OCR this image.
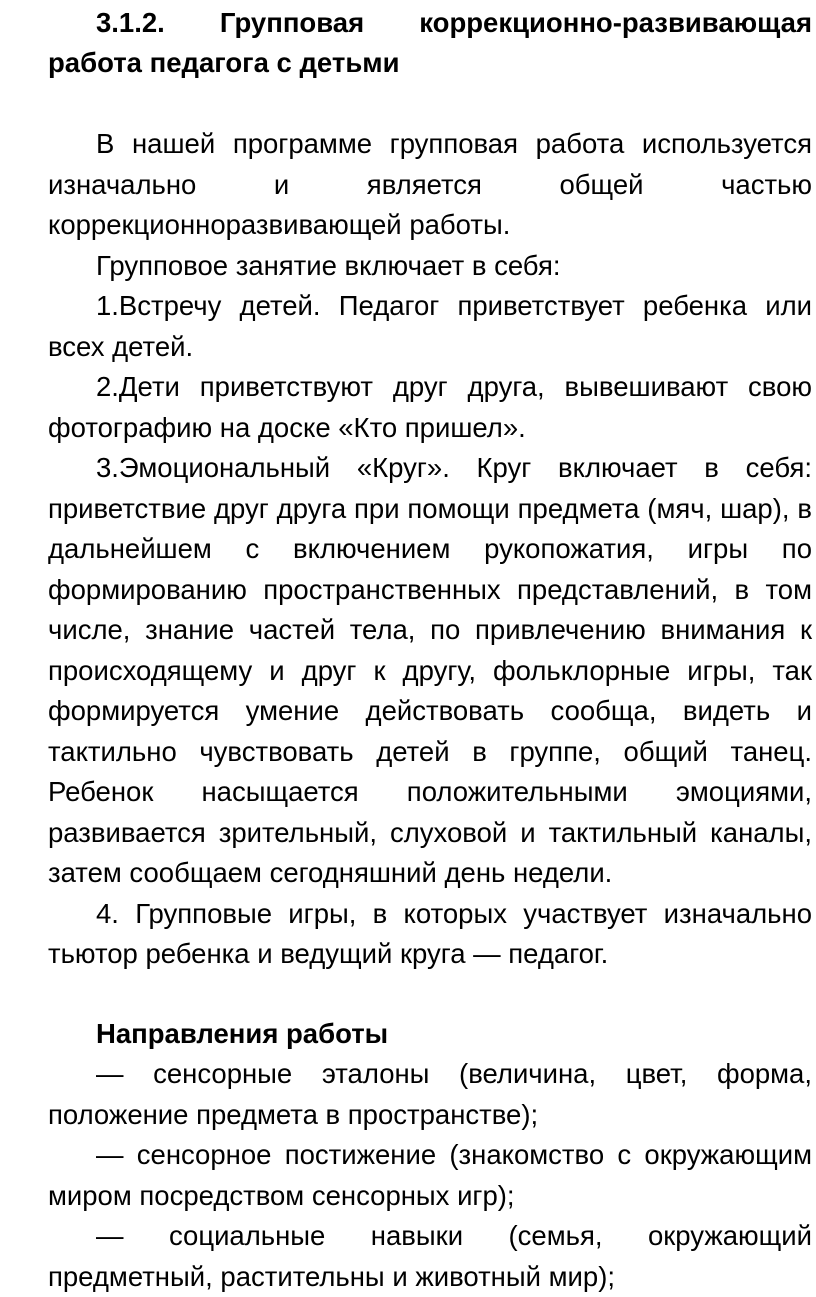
3.1.2. Групповая коррекционно-развивающая работа педагога с детьми

В нашей программе групповая работа используется изначально и является общей частью коррекционноразвивающей работы.

Групповое занятие включает в себя:

1.Встречу детей. Педагог приветствует ребенка или всех детей.

2.Дети приветствуют друг друга, вывешивают свою фотографию на доске «Кто пришел».

3.Эмоциональный «Круг». Круг включает в себя: приветствие друг друга при помощи предмета (мяч, шар), в дальнейшем с включением рукопожатия, игры по формированию пространственных представлений, в том числе, знание частей тела, по привлечению внимания к происходящему и друг к другу, фольклорные игры, так формируется умение действовать сообща, видеть и тактильно чувствовать детей в группе, общий танец. Ребенок насыщается положительными эмоциями, развивается зрительный, слуховой и тактильный каналы, затем сообщаем сегодняшний день недели.

4. Групповые игры, в которых участвует изначально тьютор ребенка и ведущий круга — педагог.

Направления работы

— сенсорные эталоны (величина, цвет, форма, положение предмета в пространстве);

— сенсорное постижение (знакомство с окружающим миром посредством сенсорных игр);

— социальные навыки (семья, окружающий предметный, растительны и животный мир);
